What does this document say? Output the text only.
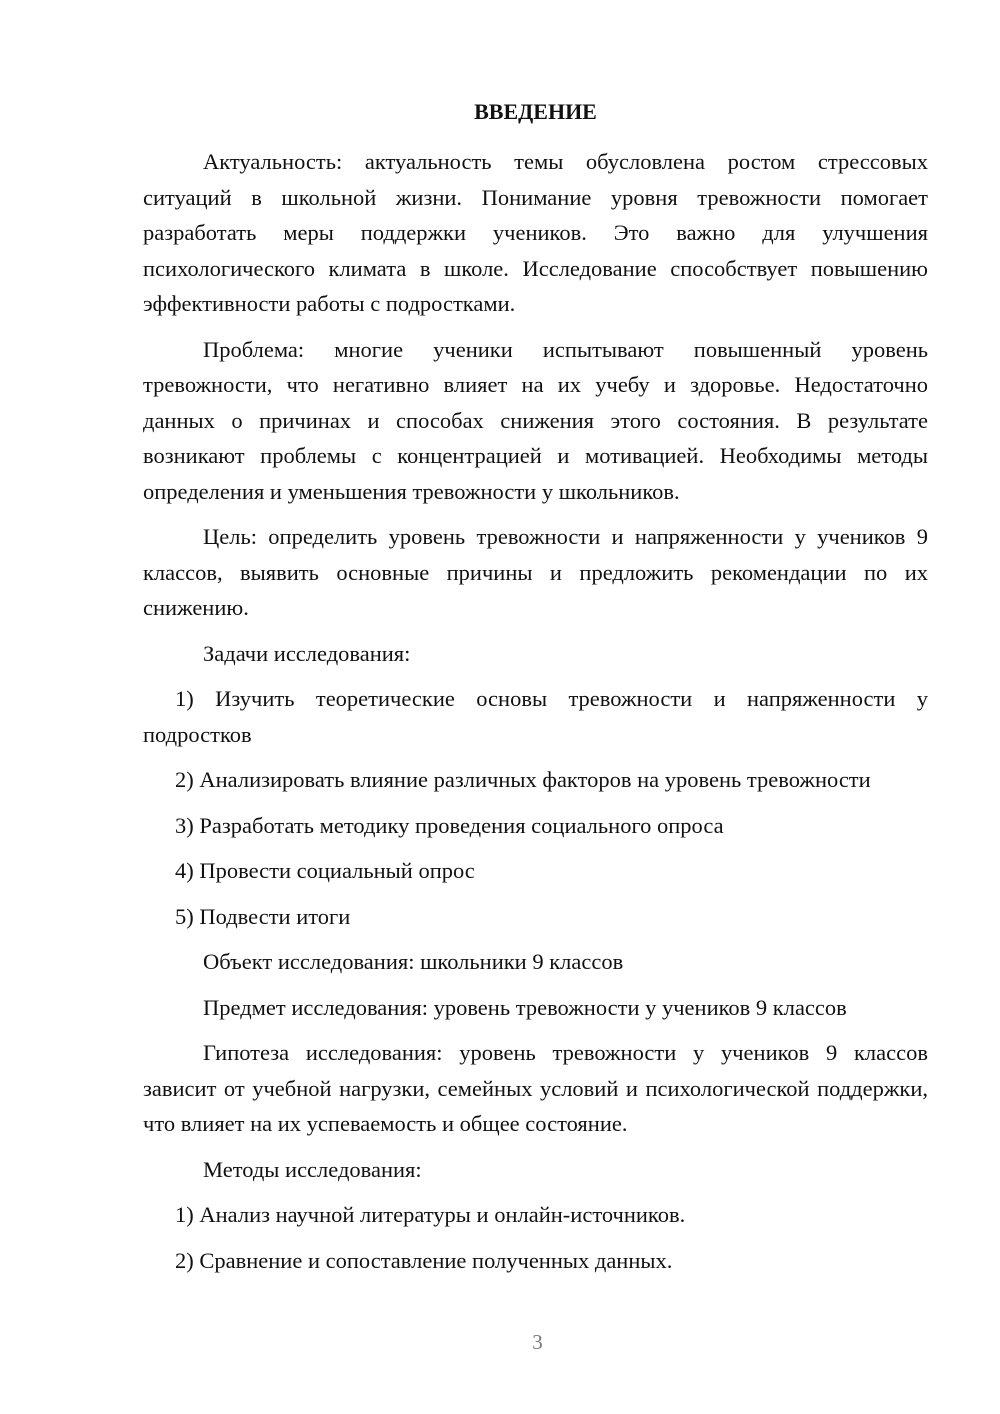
ВВЕДЕНИЕ

Актуальность: актуальность темы обусловлена ростом стрессовых ситуаций в школьной жизни. Понимание уровня тревожности помогает разработать меры поддержки учеников. Это важно для улучшения психологического климата в школе. Исследование способствует повышению эффективности работы с подростками.

Проблема: многие ученики испытывают повышенный уровень тревожности, что негативно влияет на их учебу и здоровье. Недостаточно данных о причинах и способах снижения этого состояния. В результате возникают проблемы с концентрацией и мотивацией. Необходимы методы определения и уменьшения тревожности у школьников.

Цель: определить уровень тревожности и напряженности у учеников 9 классов, выявить основные причины и предложить рекомендации по их снижению.

Задачи исследования:

1) Изучить теоретические основы тревожности и напряженности у подростков

2) Анализировать влияние различных факторов на уровень тревожности

3) Разработать методику проведения социального опроса

4) Провести социальный опрос

5) Подвести итоги

Объект исследования: школьники 9 классов

Предмет исследования: уровень тревожности у учеников 9 классов

Гипотеза исследования: уровень тревожности у учеников 9 классов зависит от учебной нагрузки, семейных условий и психологической поддержки, что влияет на их успеваемость и общее состояние.

Методы исследования:

1) Анализ научной литературы и онлайн-источников.

2) Сравнение и сопоставление полученных данных.

3
